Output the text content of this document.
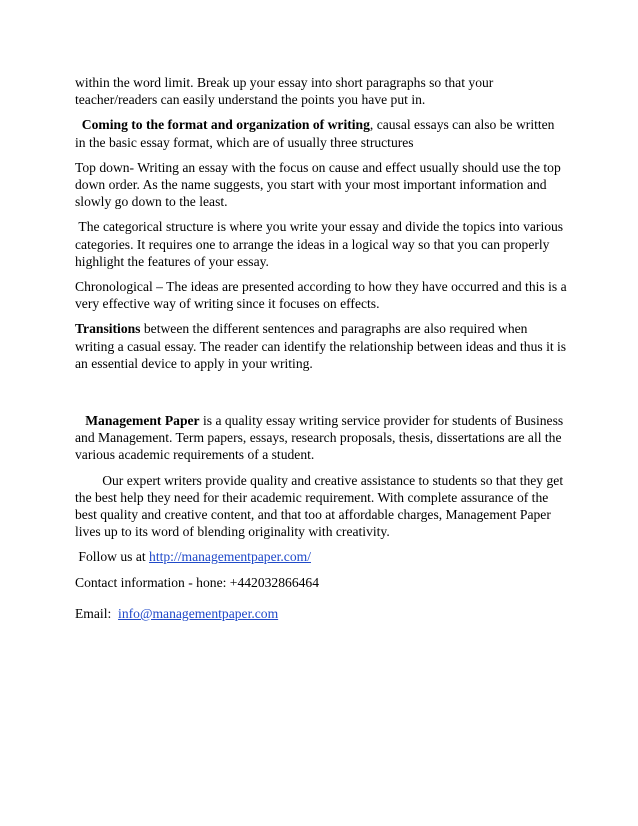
within the word limit. Break up your essay into short paragraphs so that your teacher/readers can easily understand the points you have put in.

Coming to the format and organization of writing, causal essays can also be written in the basic essay format, which are of usually three structures

Top down- Writing an essay with the focus on cause and effect usually should use the top down order. As the name suggests, you start with your most important information and slowly go down to the least.

The categorical structure is where you write your essay and divide the topics into various categories. It requires one to arrange the ideas in a logical way so that you can properly highlight the features of your essay.

Chronological – The ideas are presented according to how they have occurred and this is a very effective way of writing since it focuses on effects.

Transitions between the different sentences and paragraphs are also required when writing a casual essay. The reader can identify the relationship between ideas and thus it is an essential device to apply in your writing.

Management Paper is a quality essay writing service provider for students of Business and Management. Term papers, essays, research proposals, thesis, dissertations are all the various academic requirements of a student.

Our expert writers provide quality and creative assistance to students so that they get the best help they need for their academic requirement. With complete assurance of the best quality and creative content, and that too at affordable charges, Management Paper lives up to its word of blending originality with creativity.

Follow us at http://managementpaper.com/

Contact information - hone: +442032866464

Email:  info@managementpaper.com
